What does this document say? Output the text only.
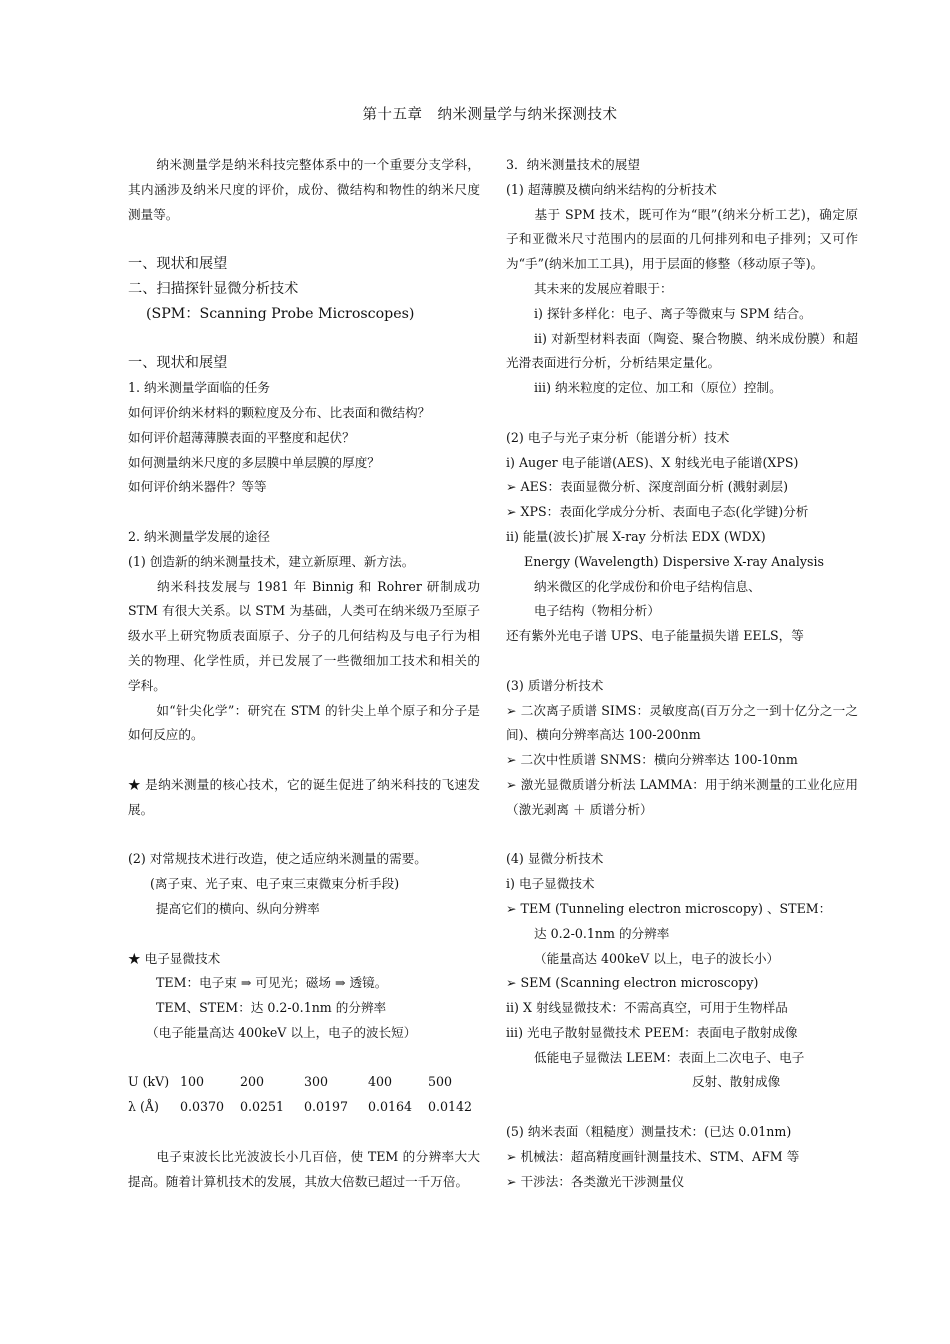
第十五章　纳米测量学与纳米探测技术
纳米测量学是纳米科技完整体系中的一个重要分支学科，其内涵涉及纳米尺度的评价，成份、微结构和物性的纳米尺度测量等。
一、现状和展望
二、扫描探针显微分析技术
(SPM：Scanning Probe Microscopes)
一、现状和展望
1. 纳米测量学面临的任务
如何评价纳米材料的颗粒度及分布、比表面和微结构？
如何评价超薄薄膜表面的平整度和起伏？
如何测量纳米尺度的多层膜中单层膜的厚度？
如何评价纳米器件？等等
2. 纳米测量学发展的途径
(1) 创造新的纳米测量技术，建立新原理、新方法。
纳米科技发展与 1981 年 Binnig 和 Rohrer 研制成功 STM 有很大关系。以 STM 为基础，人类可在纳米级乃至原子级水平上研究物质表面原子、分子的几何结构及与电子行为相关的物理、化学性质，并已发展了一些微细加工技术和相关的学科。
如“针尖化学”：研究在 STM 的针尖上单个原子和分子是如何反应的。
★ 是纳米测量的核心技术，它的诞生促进了纳米科技的飞速发展。
(2) 对常规技术进行改造，使之适应纳米测量的需要。
(离子束、光子束、电子束三束微束分析手段)
提高它们的横向、纵向分辨率
★ 电子显微技术
TEM：电子束 ⇒ 可见光；磁场 ⇒ 透镜。
TEM、STEM：达 0.2-0.1nm 的分辨率
（电子能量高达 400keV 以上，电子的波长短）
U (kV)	100	200	300	400	500
λ (Å)	0.0370	0.0251	0.0197	0.0164	0.0142
电子束波长比光波波长小几百倍，使 TEM 的分辨率大大提高。随着计算机技术的发展，其放大倍数已超过一千万倍。
3．纳米测量技术的展望
(1) 超薄膜及横向纳米结构的分析技术
基于 SPM 技术，既可作为“眼”(纳米分析工艺)，确定原子和亚微米尺寸范围内的层面的几何排列和电子排列；又可作为“手”(纳米加工工具)，用于层面的修整（移动原子等)。
其未来的发展应着眼于：
i) 探针多样化：电子、离子等微束与 SPM 结合。
ii) 对新型材料表面（陶瓷、聚合物膜、纳米成份膜）和超光滑表面进行分析，分析结果定量化。
iii) 纳米粒度的定位、加工和（原位）控制。
(2) 电子与光子束分析（能谱分析）技术
i) Auger 电子能谱(AES)、X 射线光电子能谱(XPS)
➢ AES：表面显微分析、深度剖面分析 (溅射剥层)
➢ XPS：表面化学成分分析、表面电子态(化学键)分析
ii) 能量(波长)扩展 X-ray 分析法 EDX (WDX)
Energy (Wavelength) Dispersive X-ray Analysis
纳米微区的化学成份和价电子结构信息、
电子结构（物相分析）
还有紫外光电子谱 UPS、电子能量损失谱 EELS，等
(3) 质谱分析技术
➢ 二次离子质谱 SIMS：灵敏度高(百万分之一到十亿分之一之间)、横向分辨率高达 100-200nm
➢ 二次中性质谱 SNMS：横向分辨率达 100-10nm
➢ 激光显微质谱分析法 LAMMA：用于纳米测量的工业化应用（激光剥离 ＋ 质谱分析）
(4) 显微分析技术
i) 电子显微技术
➢ TEM (Tunneling electron microscopy) 、STEM：
达 0.2-0.1nm 的分辨率
（能量高达 400keV 以上，电子的波长小）
➢ SEM (Scanning electron microscopy)
ii) X 射线显微技术：不需高真空，可用于生物样品
iii) 光电子散射显微技术 PEEM：表面电子散射成像
低能电子显微法 LEEM：表面上二次电子、电子
反射、散射成像
(5) 纳米表面（粗糙度）测量技术：(已达 0.01nm)
➢ 机械法：超高精度画针测量技术、STM、AFM 等
➢ 干涉法：各类激光干涉测量仪
